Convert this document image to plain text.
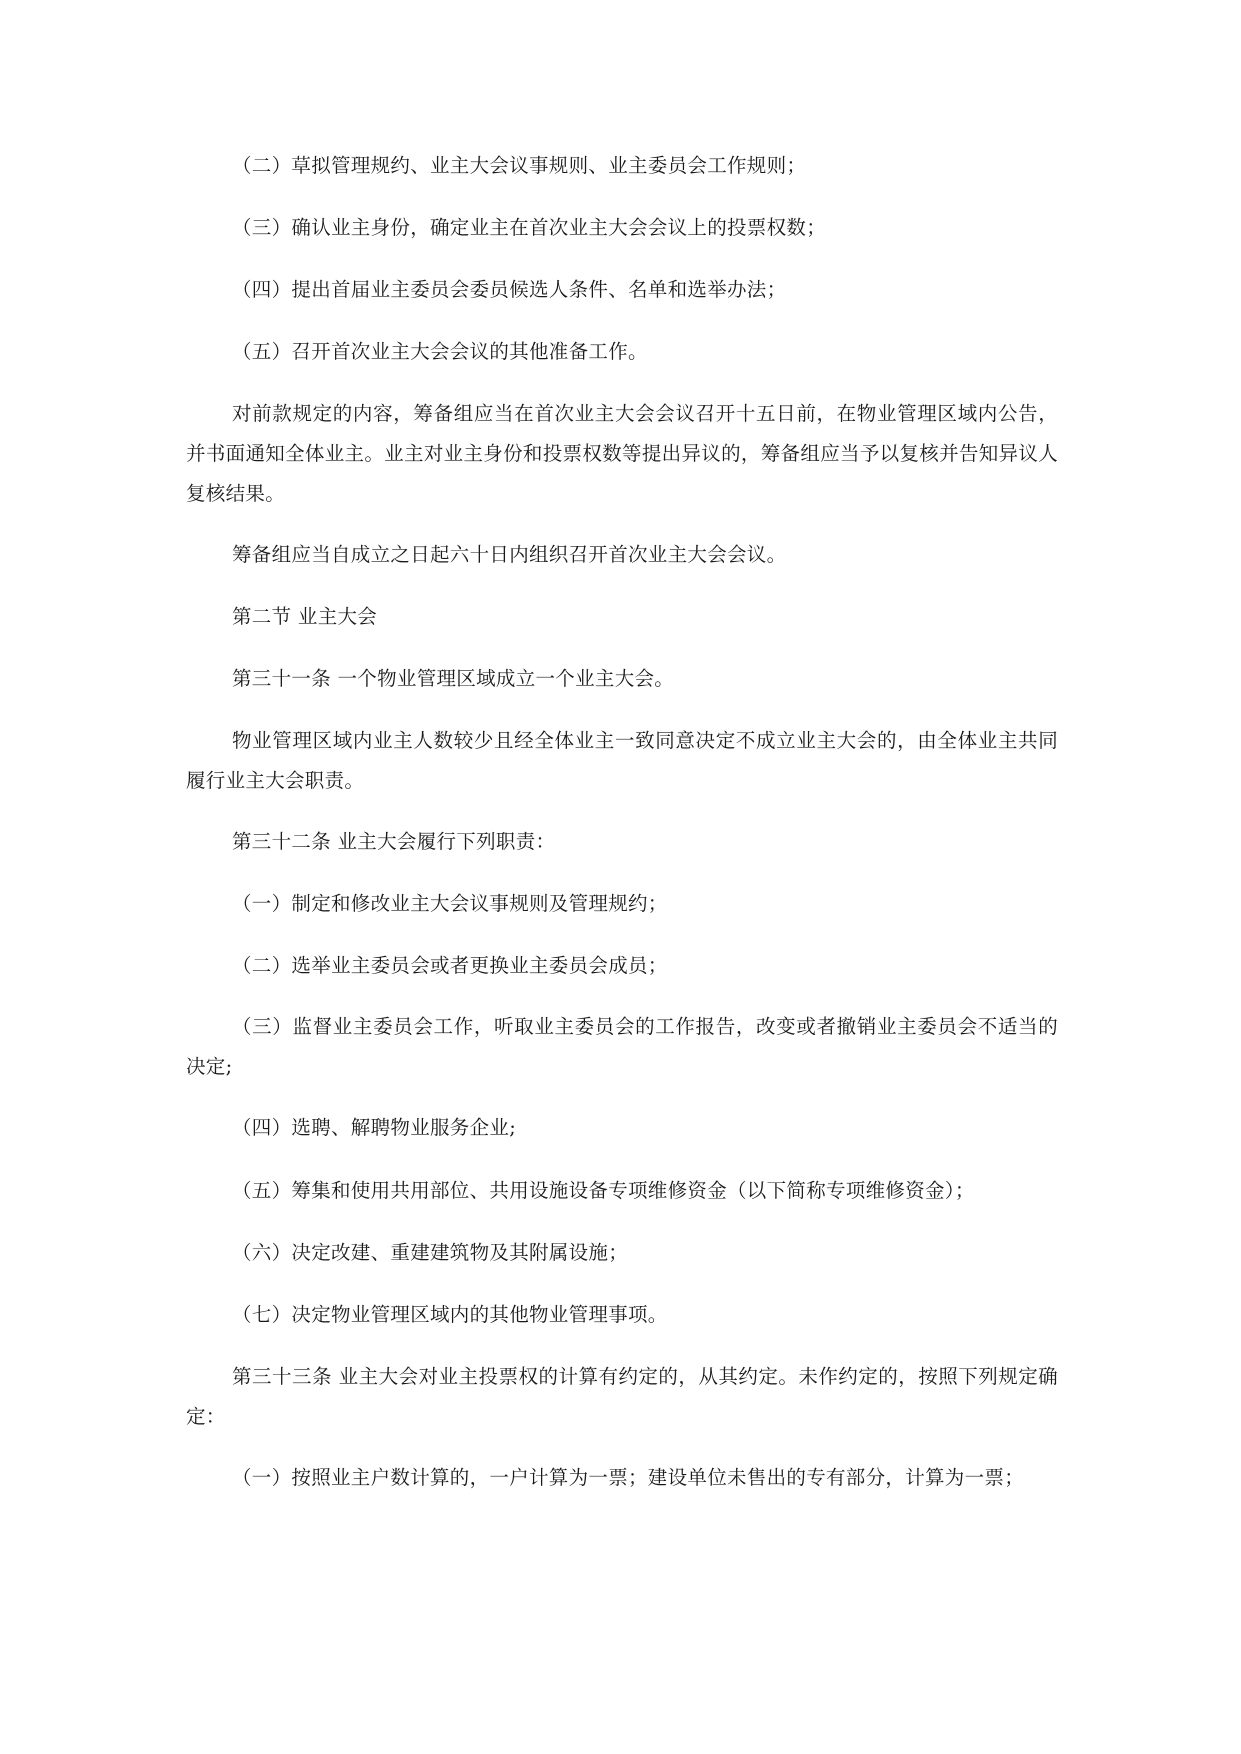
（二）草拟管理规约、业主大会议事规则、业主委员会工作规则；

（三）确认业主身份，确定业主在首次业主大会会议上的投票权数；

（四）提出首届业主委员会委员候选人条件、名单和选举办法；

（五）召开首次业主大会会议的其他准备工作。

对前款规定的内容，筹备组应当在首次业主大会会议召开十五日前，在物业管理区域内公告，并书面通知全体业主。业主对业主身份和投票权数等提出异议的，筹备组应当予以复核并告知异议人复核结果。

筹备组应当自成立之日起六十日内组织召开首次业主大会会议。

第二节 业主大会

第三十一条 一个物业管理区域成立一个业主大会。

物业管理区域内业主人数较少且经全体业主一致同意决定不成立业主大会的，由全体业主共同履行业主大会职责。

第三十二条 业主大会履行下列职责：

（一）制定和修改业主大会议事规则及管理规约；

（二）选举业主委员会或者更换业主委员会成员；

（三）监督业主委员会工作，听取业主委员会的工作报告，改变或者撤销业主委员会不适当的决定;

（四）选聘、解聘物业服务企业;

（五）筹集和使用共用部位、共用设施设备专项维修资金（以下简称专项维修资金）；

（六）决定改建、重建建筑物及其附属设施；

（七）决定物业管理区域内的其他物业管理事项。

第三十三条 业主大会对业主投票权的计算有约定的，从其约定。未作约定的，按照下列规定确定：

（一）按照业主户数计算的，一户计算为一票；建设单位未售出的专有部分，计算为一票；
